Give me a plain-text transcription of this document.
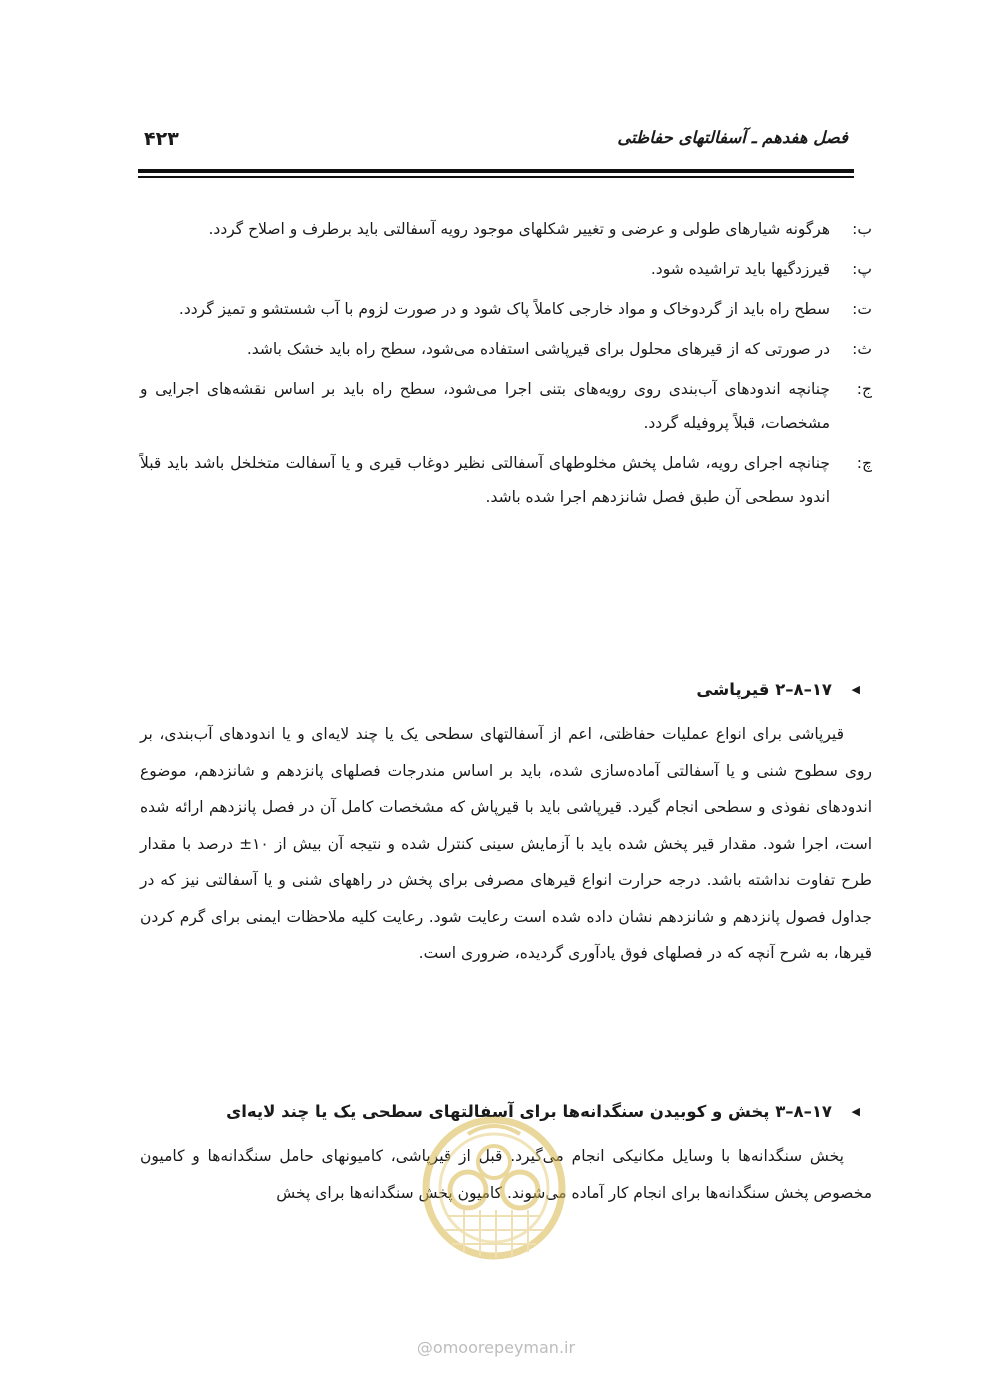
فصل هفدهم ـ آسفالتهای حفاظتی
۴۲۳
ب:
هرگونه شیارهای طولی و عرضی و تغییر شکلهای موجود رویه آسفالتی باید برطرف و اصلاح گردد.
پ:
قیرزدگیها باید تراشیده شود.
ت:
سطح راه باید از گردوخاک و مواد خارجی کاملاً پاک شود و در صورت لزوم با آب شستشو و تمیز گردد.
ث:
در صورتی که از قیرهای محلول برای قیرپاشی استفاده می‌شود، سطح راه باید خشک باشد.
ج:
چنانچه اندودهای آب‌بندی روی رویه‌های بتنی اجرا می‌شود، سطح راه باید بر اساس نقشه‌های اجرایی و مشخصات، قبلاً پروفیله گردد.
چ:
چنانچه اجرای رویه، شامل پخش مخلوطهای آسفالتی نظیر دوغاب قیری و یا آسفالت متخلخل باشد باید قبلاً اندود سطحی آن طبق فصل شانزدهم اجرا شده باشد.
◀
۱۷–۸–۲ قیرپاشی
قیرپاشی برای انواع عملیات حفاظتی، اعم از آسفالتهای سطحی یک یا چند لایه‌ای و یا اندودهای آب‌بندی، بر روی سطوح شنی و یا آسفالتی آماده‌سازی شده، باید بر اساس مندرجات فصلهای پانزدهم و شانزدهم، موضوع اندودهای نفوذی و سطحی انجام گیرد. قیرپاشی باید با قیرپاش که مشخصات کامل آن در فصل پانزدهم ارائه شده است، اجرا شود. مقدار قیر پخش شده باید با آزمایش سینی کنترل شده و نتیجه آن بیش از ۱۰± درصد با مقدار طرح تفاوت نداشته باشد. درجه حرارت انواع قیرهای مصرفی برای پخش در راههای شنی و یا آسفالتی نیز که در جداول فصول پانزدهم و شانزدهم نشان داده شده است رعایت شود. رعایت کلیه ملاحظات ایمنی برای گرم کردن قیرها، به شرح آنچه که در فصلهای فوق یادآوری گردیده، ضروری است.
◀
۱۷–۸–۳ پخش و کوبیدن سنگدانه‌ها برای آسفالتهای سطحی یک یا چند لایه‌ای
پخش سنگدانه‌ها با وسایل مکانیکی انجام می‌گیرد. قبل از قیرپاشی، کامیونهای حامل سنگدانه‌ها و کامیون مخصوص پخش سنگدانه‌ها برای انجام کار آماده می‌شوند. کامیون پخش سنگدانه‌ها برای پخش
@omoorepeyman.ir
